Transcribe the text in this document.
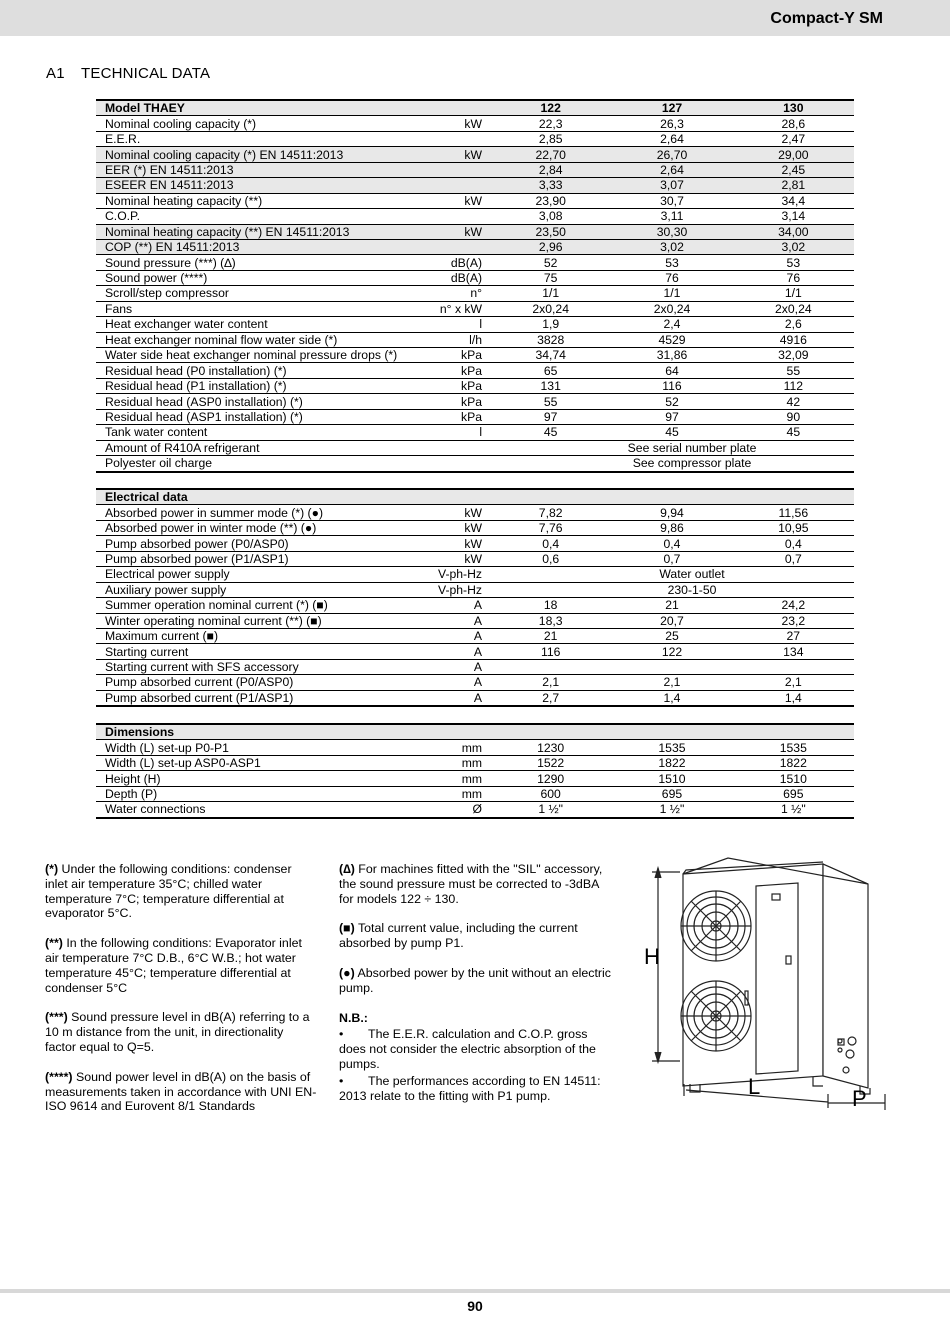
Compact-Y SM
A1 TECHNICAL DATA
Model THAEY		122	127	130
Nominal cooling capacity (*)	kW	22,3	26,3	28,6
E.E.R.		2,85	2,64	2,47
Nominal cooling capacity (*) EN 14511:2013	kW	22,70	26,70	29,00
EER (*) EN 14511:2013		2,84	2,64	2,45
ESEER EN 14511:2013		3,33	3,07	2,81
Nominal heating capacity (**)	kW	23,90	30,7	34,4
C.O.P.		3,08	3,11	3,14
Nominal heating capacity (**) EN 14511:2013	kW	23,50	30,30	34,00
COP (**) EN 14511:2013		2,96	3,02	3,02
Sound pressure (***) (∆)	dB(A)	52	53	53
Sound power (****)	dB(A)	75	76	76
Scroll/step compressor	n°	1/1	1/1	1/1
Fans	n° x kW	2x0,24	2x0,24	2x0,24
Heat exchanger water content	l	1,9	2,4	2,6
Heat exchanger nominal flow water side (*)	l/h	3828	4529	4916
Water side heat exchanger nominal pressure drops (*)	kPa	34,74	31,86	32,09
Residual head (P0 installation) (*)	kPa	65	64	55
Residual head (P1 installation) (*)	kPa	131	116	112
Residual head (ASP0 installation) (*)	kPa	55	52	42
Residual head (ASP1 installation) (*)	kPa	97	97	90
Tank water content	l	45	45	45
Amount of R410A refrigerant		See serial number plate		
Polyester oil charge		See compressor plate		
Electrical data				
Absorbed power in summer mode (*) (●)	kW	7,82	9,94	11,56
Absorbed power in winter mode (**) (●)	kW	7,76	9,86	10,95
Pump absorbed power (P0/ASP0)	kW	0,4	0,4	0,4
Pump absorbed power (P1/ASP1)	kW	0,6	0,7	0,7
Electrical power supply	V-ph-Hz	Water outlet		
Auxiliary power supply	V-ph-Hz	230-1-50		
Summer operation nominal current (*) (■)	A	18	21	24,2
Winter operating nominal current (**) (■)	A	18,3	20,7	23,2
Maximum current (■)	A	21	25	27
Starting current	A	116	122	134
Starting current with SFS accessory	A			
Pump absorbed current (P0/ASP0)	A	2,1	2,1	2,1
Pump absorbed current (P1/ASP1)	A	2,7	1,4	1,4
Dimensions				
Width (L) set-up P0-P1	mm	1230	1535	1535
Width (L) set-up ASP0-ASP1	mm	1522	1822	1822
Height (H)	mm	1290	1510	1510
Depth (P)	mm	600	695	695
Water connections	Ø	1 ½"	1 ½"	1 ½"

(*) Under the following conditions: condenser inlet air temperature 35°C; chilled water temperature 7°C; temperature differential at evaporator 5°C.

(**) In the following conditions: Evaporator inlet air temperature 7°C D.B., 6°C W.B.; hot water temperature 45°C; temperature differential at condenser 5°C

(***) Sound pressure level in dB(A) referring to a 10 m distance from the unit, in directionality factor equal to Q=5.

(****) Sound power level in dB(A) on the basis of measurements taken in accordance with UNI EN-ISO 9614 and Eurovent 8/1 Standards

(∆) For machines fitted with the "SIL" accessory, the sound pressure must be corrected to -3dBA for models 122 ÷ 130.

(■) Total current value, including the current absorbed by pump P1.

(●) Absorbed power by the unit without an electric pump.

N.B.:
• The E.E.R. calculation and C.O.P. gross does not consider the electric absorption of the pumps.
• The performances according to EN 14511: 2013 relate to the fitting with P1 pump.
H
L	P
90
